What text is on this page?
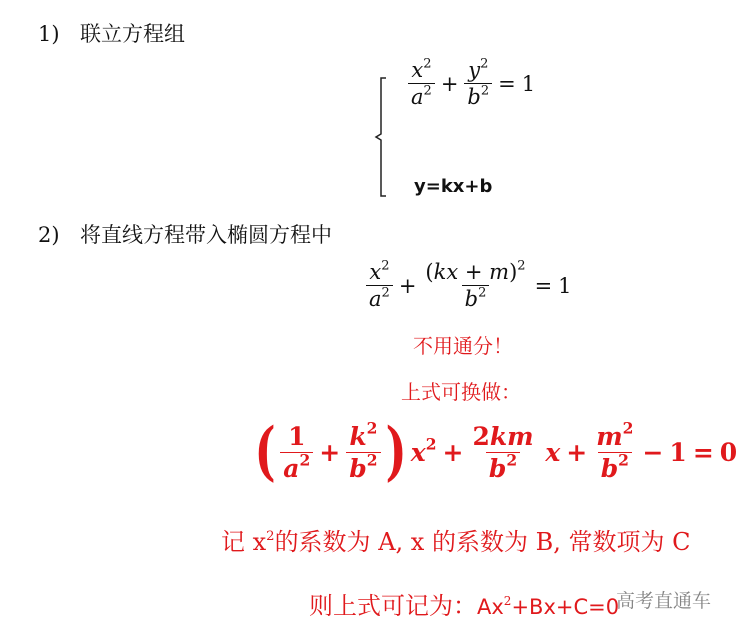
1) 联立方程组
$\frac{x^2}{a^2} + \frac{y^2}{b^2} = 1$
y=kx+b
2) 将直线方程带入椭圆方程中
$\frac{x^2}{a^2} + \frac{(kx + m)^2}{b^2} = 1$
不用通分！
上式可换做：
( $\frac{1}{a^2} + \frac{k^2}{b^2}$ ) $x^2 + \frac{2km}{b^2}$ $x + \frac{m^2}{b^2} - 1 = 0$
记 $x^2$的系数为 A, x 的系数为 B, 常数项为 C
则上式可记为：$Ax^2+Bx+C=0$
高考直通车
